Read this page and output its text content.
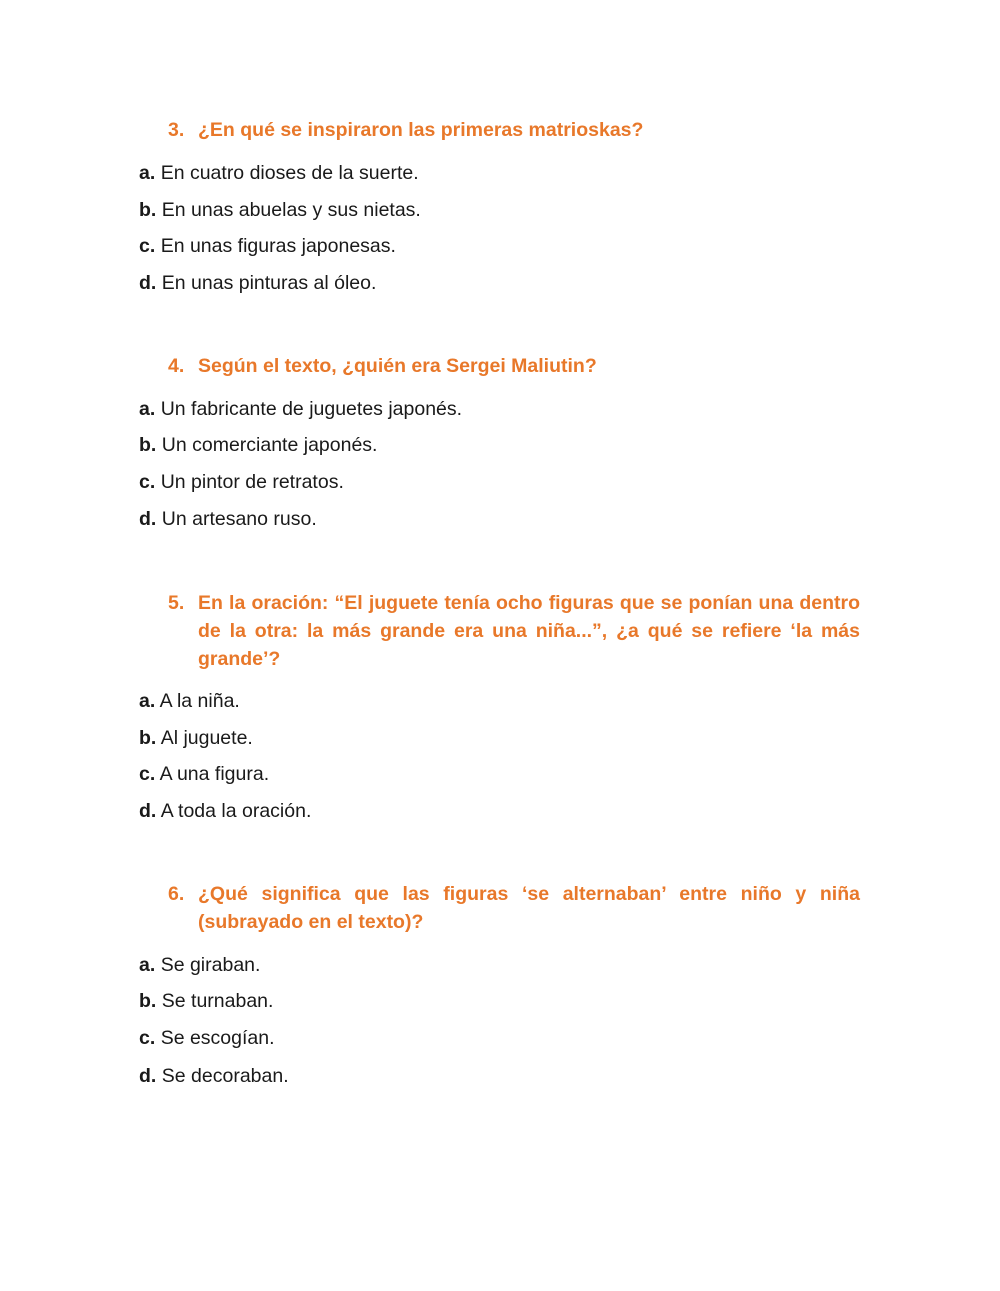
3. ¿En qué se inspiraron las primeras matrioskas?
a. En cuatro dioses de la suerte.
b. En unas abuelas y sus nietas.
c. En unas figuras japonesas.
d. En unas pinturas al óleo.
4. Según el texto, ¿quién era Sergei Maliutin?
a. Un fabricante de juguetes japonés.
b. Un comerciante japonés.
c. Un pintor de retratos.
d. Un artesano ruso.
5. En la oración: “El juguete tenía ocho figuras que se ponían una dentro de la otra: la más grande era una niña...”, ¿a qué se refiere ‘la más grande’?
a. A la niña.
b. Al juguete.
c. A una figura.
d. A toda la oración.
6. ¿Qué significa que las figuras ‘se alternaban’ entre niño y niña (subrayado en el texto)?
a. Se giraban.
b. Se turnaban.
c. Se escogían.
d. Se decoraban.
